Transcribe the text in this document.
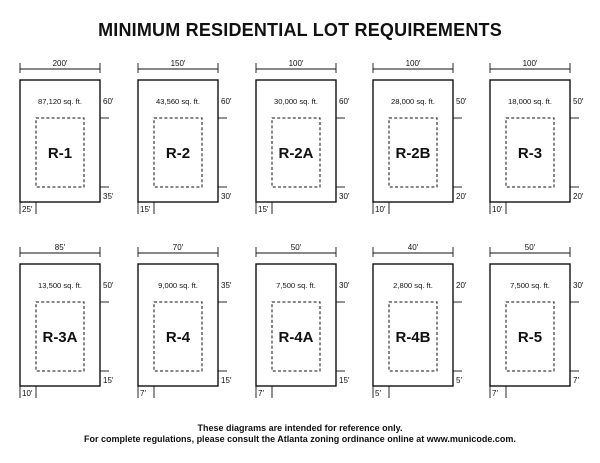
MINIMUM RESIDENTIAL LOT REQUIREMENTS
200′
87,120 sq. ft.
R-1
60′
35′
25′
150′
43,560 sq. ft.
R-2
60′
30′
15′
100′
30,000 sq. ft.
R-2A
60′
30′
15′
100′
28,000 sq. ft.
R-2B
50′
20′
10′
100′
18,000 sq. ft.
R-3
50′
20′
10′
85′
13,500 sq. ft.
R-3A
50′
15′
10′
70′
9,000 sq. ft.
R-4
35′
15′
7′
50′
7,500 sq. ft.
R-4A
30′
15′
7′
40′
2,800 sq. ft.
R-4B
20′
5′
5′
50′
7,500 sq. ft.
R-5
30′
7′
7′
These diagrams are intended for reference only.
For complete regulations, please consult the Atlanta zoning ordinance online at www.municode.com.
